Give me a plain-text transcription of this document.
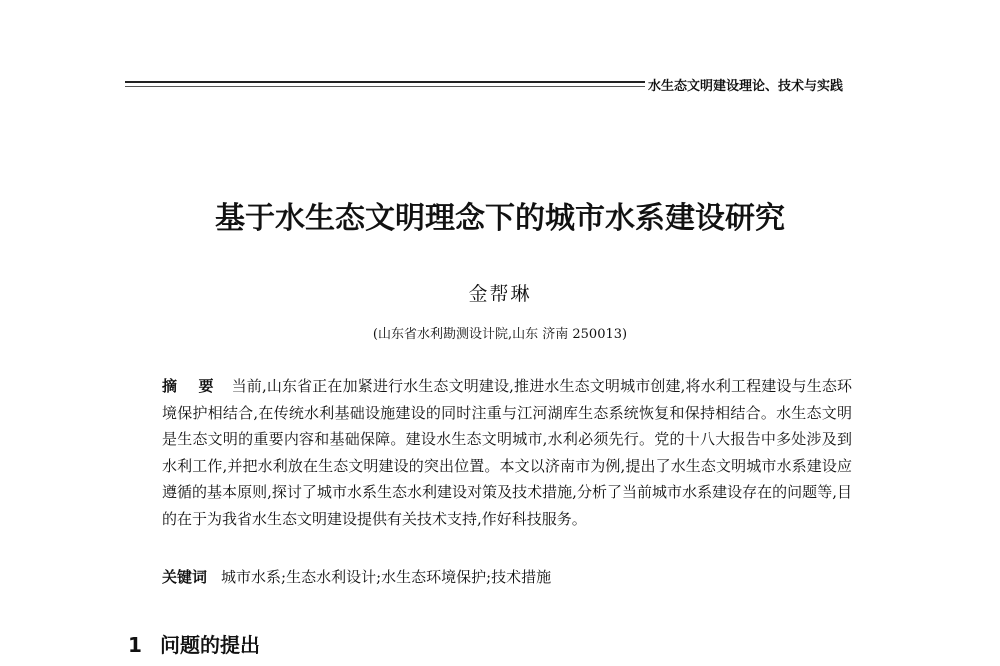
水生态文明建设理论、技术与实践
基于水生态文明理念下的城市水系建设研究
金帮琳
(山东省水利勘测设计院,山东 济南 250013)
摘 要 当前,山东省正在加紧进行水生态文明建设,推进水生态文明城市创建,将水利工程建设与生态环境保护相结合,在传统水利基础设施建设的同时注重与江河湖库生态系统恢复和保持相结合。水生态文明是生态文明的重要内容和基础保障。建设水生态文明城市,水利必须先行。党的十八大报告中多处涉及到水利工作,并把水利放在生态文明建设的突出位置。本文以济南市为例,提出了水生态文明城市水系建设应遵循的基本原则,探讨了城市水系生态水利建设对策及技术措施,分析了当前城市水系建设存在的问题等,目的在于为我省水生态文明建设提供有关技术支持,作好科技服务。
关键词 城市水系;生态水利设计;水生态环境保护;技术措施
1 问题的提出
